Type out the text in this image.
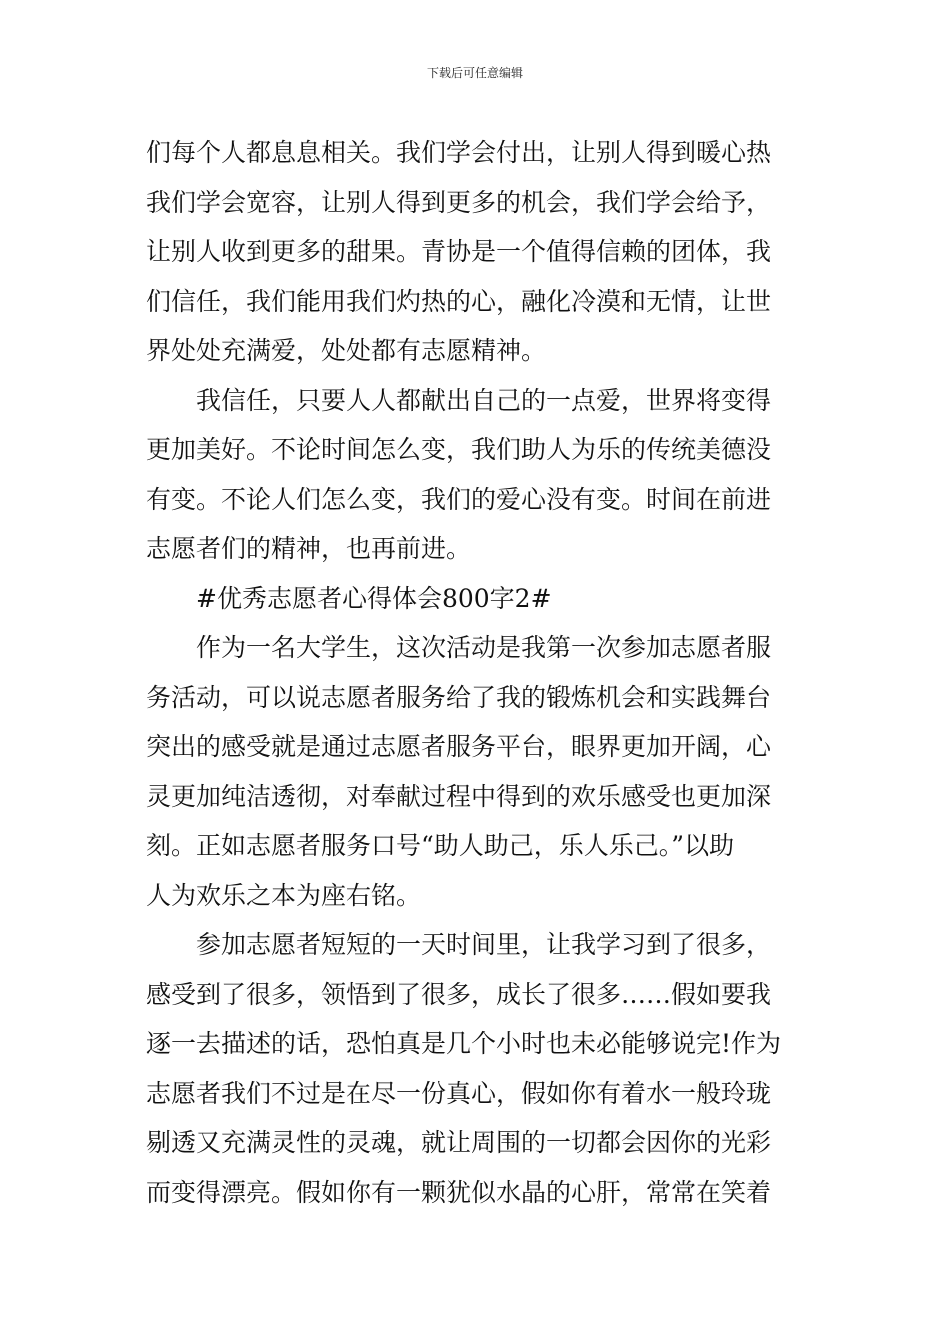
下载后可任意编辑
们每个人都息息相关。我们学会付出，让别人得到暖心热
我们学会宽容，让别人得到更多的机会，我们学会给予，
让别人收到更多的甜果。青协是一个值得信赖的团体，我
们信任，我们能用我们灼热的心，融化冷漠和无情，让世
界处处充满爱，处处都有志愿精神。
我信任，只要人人都献出自己的一点爱，世界将变得
更加美好。不论时间怎么变，我们助人为乐的传统美德没
有变。不论人们怎么变，我们的爱心没有变。时间在前进
志愿者们的精神，也再前进。
#优秀志愿者心得体会800字2#
作为一名大学生，这次活动是我第一次参加志愿者服
务活动，可以说志愿者服务给了我的锻炼机会和实践舞台
突出的感受就是通过志愿者服务平台，眼界更加开阔，心
灵更加纯洁透彻，对奉献过程中得到的欢乐感受也更加深
刻。正如志愿者服务口号“助人助己，乐人乐己。”以助
人为欢乐之本为座右铭。
参加志愿者短短的一天时间里，让我学习到了很多，
感受到了很多，领悟到了很多，成长了很多……假如要我
逐一去描述的话，恐怕真是几个小时也未必能够说完!作为
志愿者我们不过是在尽一份真心，假如你有着水一般玲珑
剔透又充满灵性的灵魂，就让周围的一切都会因你的光彩
而变得漂亮。假如你有一颗犹似水晶的心肝，常常在笑着
